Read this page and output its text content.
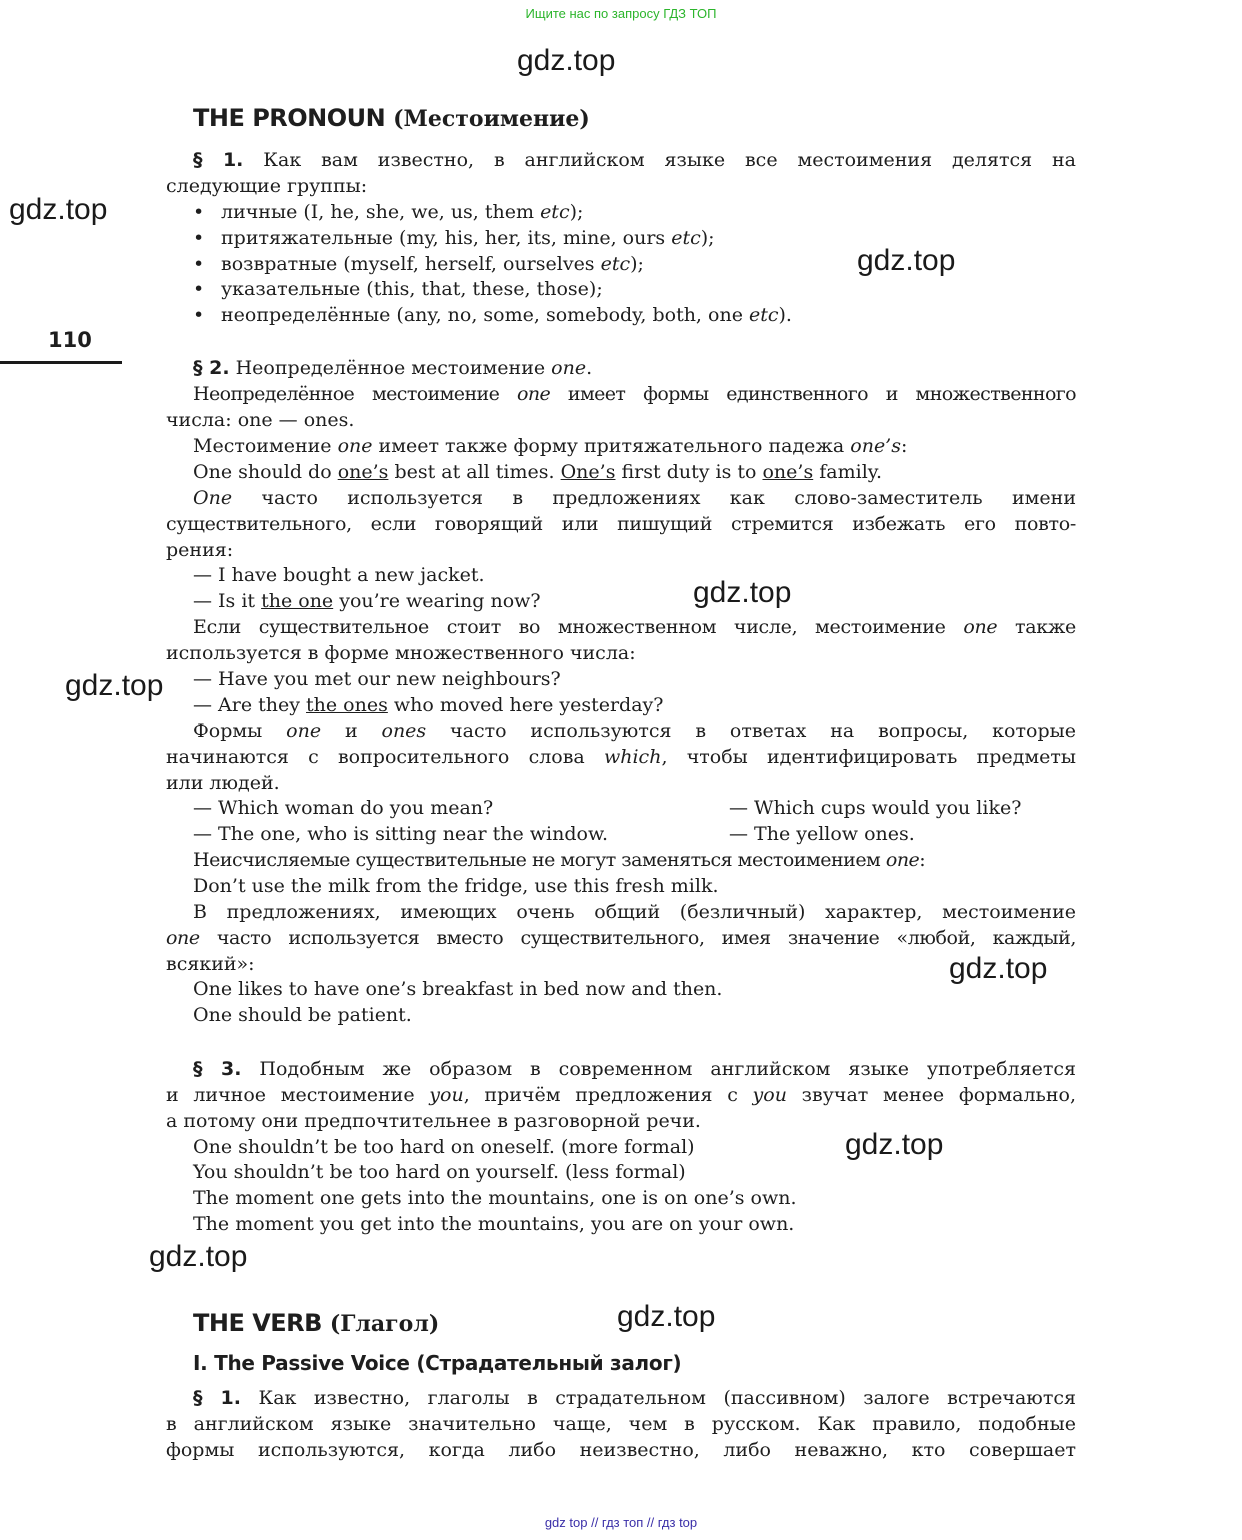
Ищите нас по запросу ГДЗ ТОП
gdz.top
gdz.top
gdz.top
gdz.top
gdz.top
gdz.top
gdz.top
gdz.top
gdz.top
110
THE PRONOUN (Местоимение)
§ 1. Как вам известно, в английском языке все местоимения делятся на
следующие группы:
• личные (I, he, she, we, us, them etc);
• притяжательные (my, his, her, its, mine, ours etc);
• возвратные (myself, herself, ourselves etc);
• указательные (this, that, these, those);
• неопределённые (any, no, some, somebody, both, one etc).
§ 2. Неопределённое местоимение one.
Неопределённое местоимение one имеет формы единственного и множественного
числа: one — ones.
Местоимение one имеет также форму притяжательного падежа one’s:
One should do one’s best at all times. One’s first duty is to one’s family.
One часто используется в предложениях как слово-заместитель имени
существительного, если говорящий или пишущий стремится избежать его повто-
рения:
— I have bought a new jacket.
— Is it the one you’re wearing now?
Если существительное стоит во множественном числе, местоимение one также
используется в форме множественного числа:
— Have you met our new neighbours?
— Are they the ones who moved here yesterday?
Формы one и ones часто используются в ответах на вопросы, которые
начинаются с вопросительного слова which, чтобы идентифицировать предметы
или людей.
— Which woman do you mean?
— The one, who is sitting near the window.
— Which cups would you like?
— The yellow ones.
Неисчисляемые существительные не могут заменяться местоимением one:
Don’t use the milk from the fridge, use this fresh milk.
В предложениях, имеющих очень общий (безличный) характер, местоимение
one часто используется вместо существительного, имея значение «любой, каждый,
всякий»:
One likes to have one’s breakfast in bed now and then.
One should be patient.
§ 3. Подобным же образом в современном английском языке употребляется
и личное местоимение you, причём предложения с you звучат менее формально,
а потому они предпочтительнее в разговорной речи.
One shouldn’t be too hard on oneself. (more formal)
You shouldn’t be too hard on yourself. (less formal)
The moment one gets into the mountains, one is on one’s own.
The moment you get into the mountains, you are on your own.
THE VERB (Глагол)
I. The Passive Voice (Страдательный залог)
§ 1. Как известно, глаголы в страдательном (пассивном) залоге встречаются
в английском языке значительно чаще, чем в русском. Как правило, подобные
формы используются, когда либо неизвестно, либо неважно, кто совершает
gdz top // гдз топ // гдз top
